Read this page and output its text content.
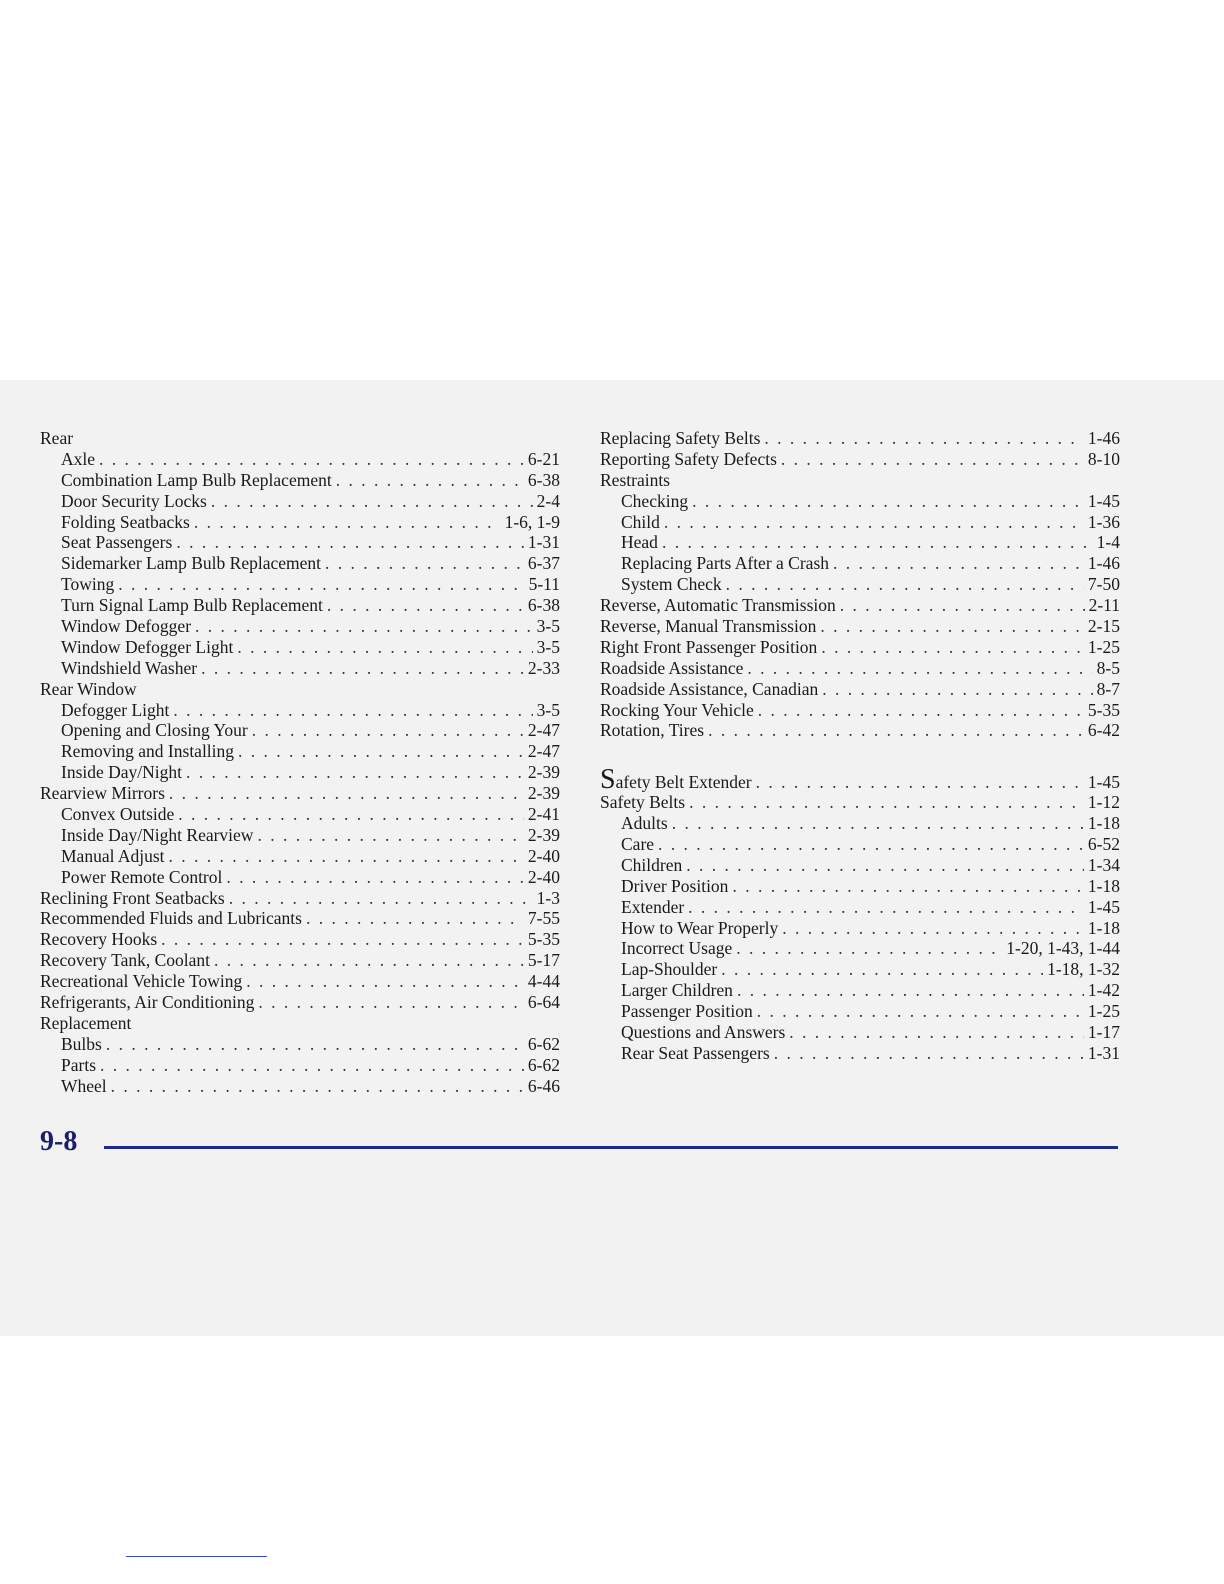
Rear
Axle . . .	6-21
Combination Lamp Bulb Replacement . . .	6-38
Door Security Locks . . .	2-4
Folding Seatbacks . . .	1-6, 1-9
Seat Passengers . . .	1-31
Sidemarker Lamp Bulb Replacement . . .	6-37
Towing . . .	5-11
Turn Signal Lamp Bulb Replacement . . .	6-38
Window Defogger . . .	3-5
Window Defogger Light . . .	3-5
Windshield Washer . . .	2-33
Rear Window
Defogger Light . . .	3-5
Opening and Closing Your . . .	2-47
Removing and Installing . . .	2-47
Inside Day/Night . . .	2-39
Rearview Mirrors . . .	2-39
Convex Outside . . .	2-41
Inside Day/Night Rearview . . .	2-39
Manual Adjust . . .	2-40
Power Remote Control . . .	2-40
Reclining Front Seatbacks . . .	1-3
Recommended Fluids and Lubricants . . .	7-55
Recovery Hooks . . .	5-35
Recovery Tank, Coolant . . .	5-17
Recreational Vehicle Towing . . .	4-44
Refrigerants, Air Conditioning . . .	6-64
Replacement
Bulbs . . .	6-62
Parts . . .	6-62
Wheel . . .	6-46
Replacing Safety Belts . . .	1-46
Reporting Safety Defects . . .	8-10
Restraints
Checking . . .	1-45
Child . . .	1-36
Head . . .	1-4
Replacing Parts After a Crash . . .	1-46
System Check . . .	7-50
Reverse, Automatic Transmission . . .	2-11
Reverse, Manual Transmission . . .	2-15
Right Front Passenger Position . . .	1-25
Roadside Assistance . . .	8-5
Roadside Assistance, Canadian . . .	8-7
Rocking Your Vehicle . . .	5-35
Rotation, Tires . . .	6-42
Safety Belt Extender . . .	1-45
Safety Belts . . .	1-12
Adults . . .	1-18
Care . . .	6-52
Children . . .	1-34
Driver Position . . .	1-18
Extender . . .	1-45
How to Wear Properly . . .	1-18
Incorrect Usage . . .	1-20, 1-43, 1-44
Lap-Shoulder . . .	1-18, 1-32
Larger Children . . .	1-42
Passenger Position . . .	1-25
Questions and Answers . . .	1-17
Rear Seat Passengers . . .	1-31
9-8
